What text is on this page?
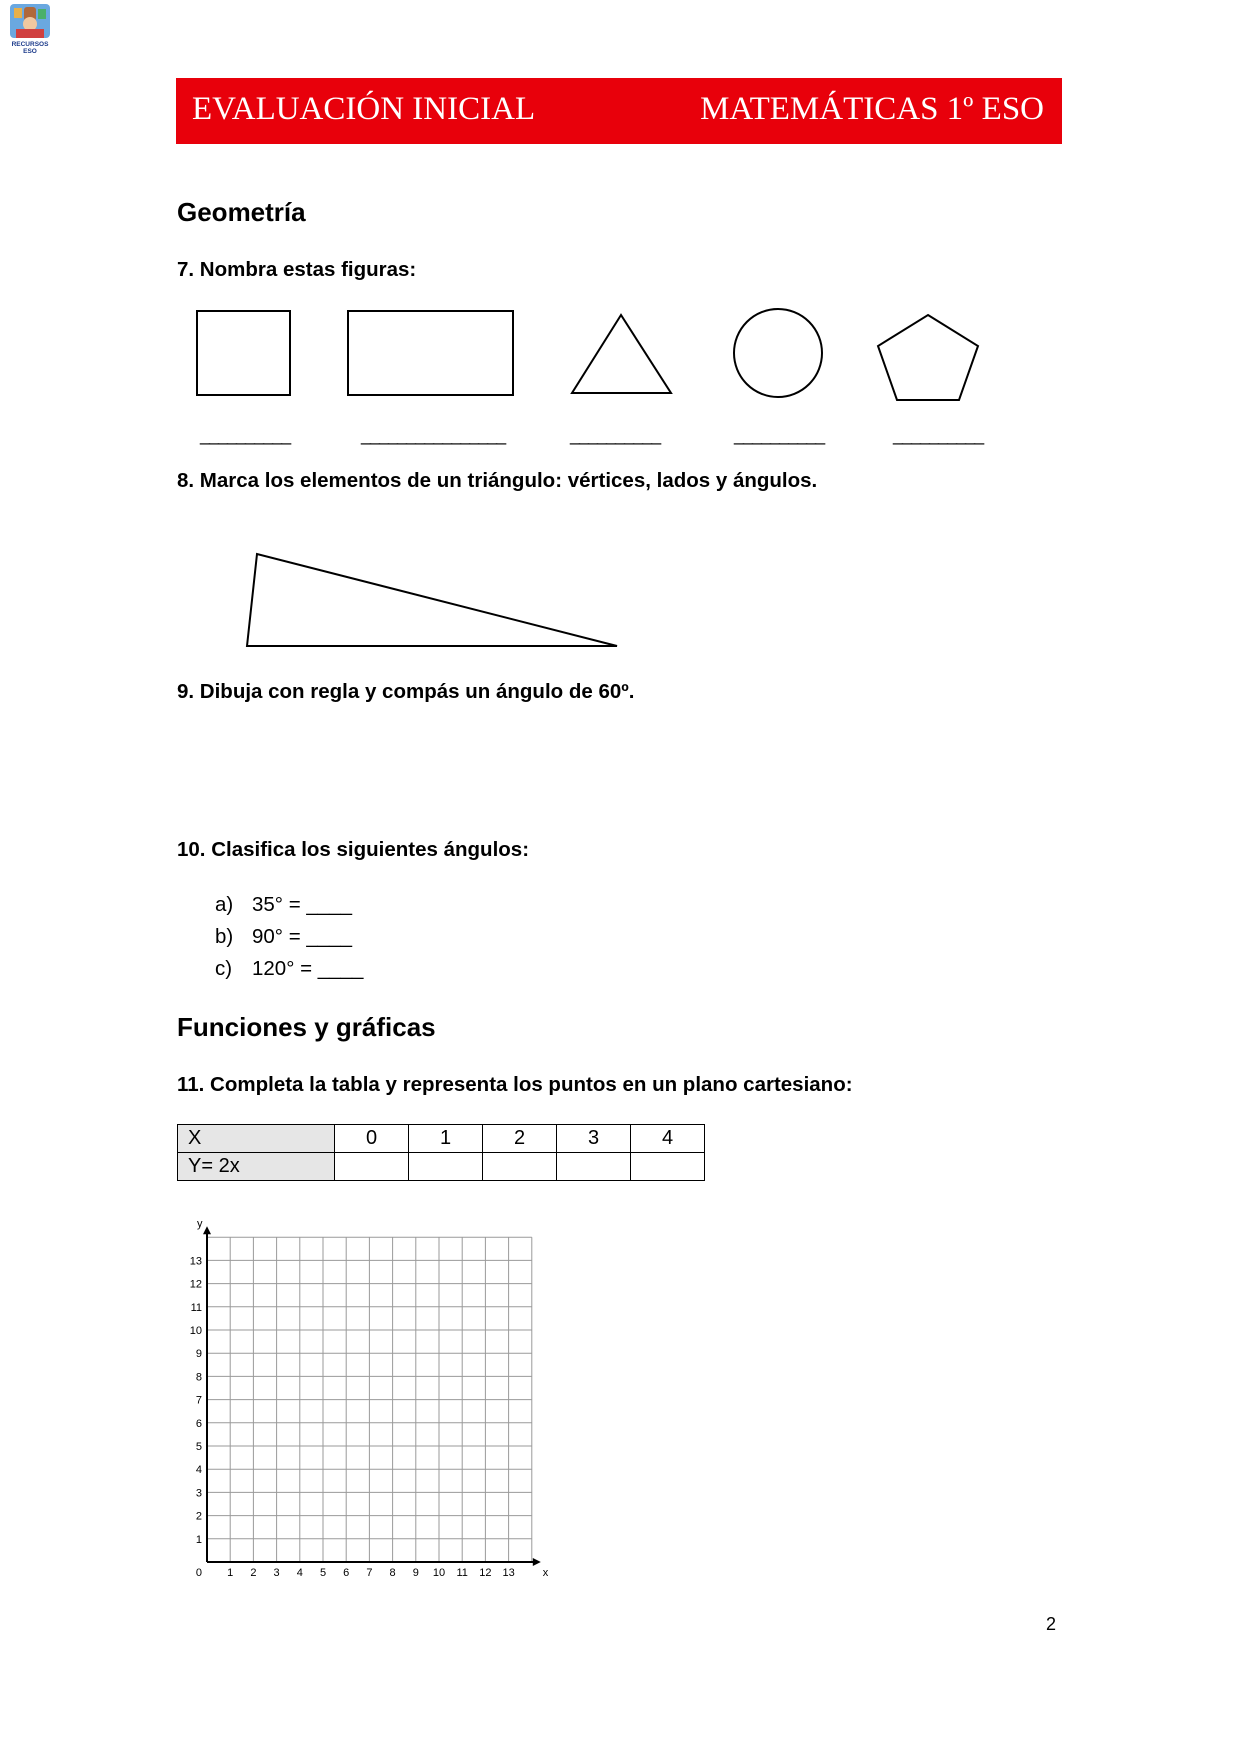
RECURSOS
ESO
EVALUACIÓN INICIAL	MATEMÁTICAS 1º ESO
Geometría
7. Nombra estas figuras:
__________	________________	__________	__________	__________
8. Marca los elementos de un triángulo: vértices, lados y ángulos.
9. Dibuja con regla y compás un ángulo de 60º.
10. Clasifica los siguientes ángulos:
a) 35° = ____
b) 90° = ____
c) 120° = ____
Funciones y gráficas
11. Completa la tabla y representa los puntos en un plano cartesiano:
X	0	1	2	3	4
Y= 2x					
1 2 3 4 5 6 7 8 9 10 11 12 13
1
2
3
4
5
6
7
8
9
10
11
12
13
0	x
y
2
